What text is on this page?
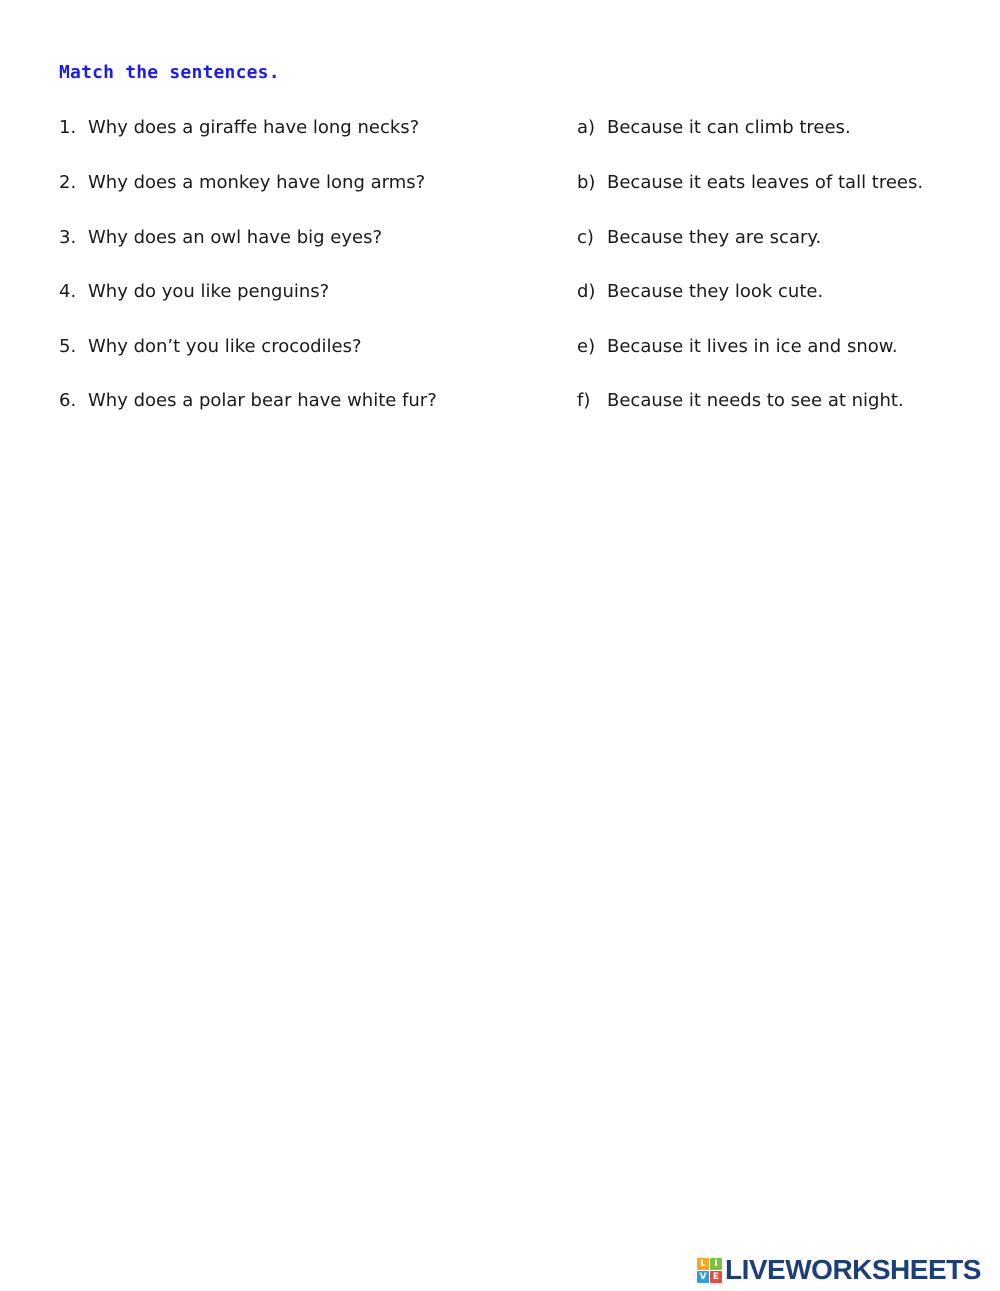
Match the sentences.
1. Why does a giraffe have long necks?
2. Why does a monkey have long arms?
3. Why does an owl have big eyes?
4. Why do you like penguins?
5. Why don’t you like crocodiles?
6. Why does a polar bear have white fur?
a) Because it can climb trees.
b) Because it eats leaves of tall trees.
c) Because they are scary.
d) Because they look cute.
e) Because it lives in ice and snow.
f) Because it needs to see at night.
L I
V E LIVEWORKSHEETS
